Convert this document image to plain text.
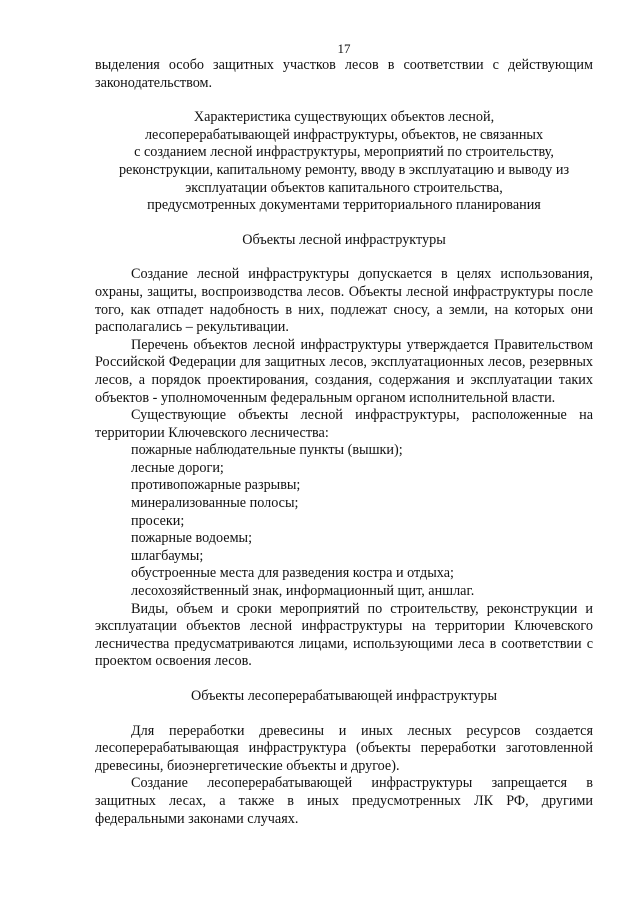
17

выделения особо защитных участков лесов в соответствии с действующим законодательством.

Характеристика существующих объектов лесной,
лесоперерабатывающей инфраструктуры, объектов, не связанных
с созданием лесной инфраструктуры, мероприятий по строительству,
реконструкции, капитальному ремонту, вводу в эксплуатацию и выводу из
эксплуатации объектов капитального строительства,
предусмотренных документами территориального планирования
Объекты лесной инфраструктуры

Создание лесной инфраструктуры допускается в целях использования, охраны, защиты, воспроизводства лесов. Объекты лесной инфраструктуры после того, как отпадет надобность в них, подлежат сносу, а земли, на которых они располагались – рекультивации.

Перечень объектов лесной инфраструктуры утверждается Правительством Российской Федерации для защитных лесов, эксплуатационных лесов, резервных лесов, а порядок проектирования, создания, содержания и эксплуатации таких объектов - уполномоченным федеральным органом исполнительной власти.

Существующие объекты лесной инфраструктуры, расположенные на территории Ключевского лесничества:

пожарные наблюдательные пункты (вышки);
лесные дороги;
противопожарные разрывы;
минерализованные полосы;
просеки;
пожарные водоемы;
шлагбаумы;
обустроенные места для разведения костра и отдыха;
лесохозяйственный знак, информационный щит, аншлаг.

Виды, объем и сроки мероприятий по строительству, реконструкции и эксплуатации объектов лесной инфраструктуры на территории Ключевского лесничества предусматриваются лицами, использующими леса в соответствии с проектом освоения лесов.

Объекты лесоперерабатывающей инфраструктуры

Для переработки древесины и иных лесных ресурсов создается лесоперерабатывающая инфраструктура (объекты переработки заготовленной древесины, биоэнергетические объекты и другое).

Создание лесоперерабатывающей инфраструктуры запрещается в защитных лесах, а также в иных предусмотренных ЛК РФ, другими федеральными законами случаях.
